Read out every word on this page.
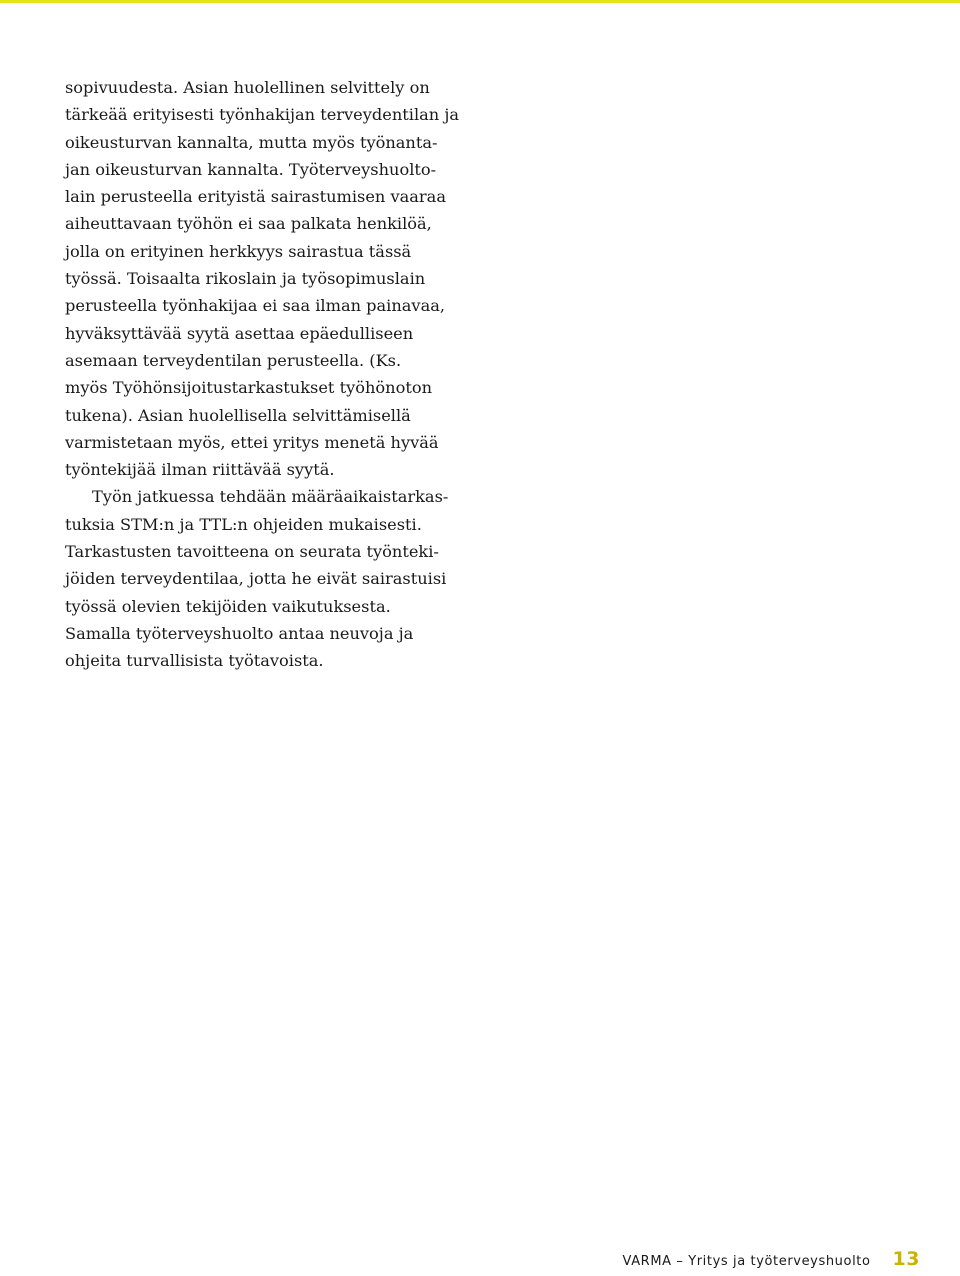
sopivuudesta. Asian huolellinen selvittely on
tärkeää erityisesti työnhakijan terveydentilan ja
oikeusturvan kannalta, mutta myös työnanta-
jan oikeusturvan kannalta. Työterveyshuolto-
lain perusteella erityistä sairastumisen vaaraa
aiheuttavaan työhön ei saa palkata henkilöä,
jolla on erityinen herkkyys sairastua tässä
työssä. Toisaalta rikoslain ja työsopimuslain
perusteella työnhakijaa ei saa ilman painavaa,
hyväksyttävää syytä asettaa epäedulliseen
asemaan terveydentilan perusteella. (Ks.
myös Työhönsijoitustarkastukset työhönoton
tukena). Asian huolellisella selvittämisellä
varmistetaan myös, ettei yritys menetä hyvää
työntekijää ilman riittävää syytä.
Työn jatkuessa tehdään määräaikaistarkas-
tuksia STM:n ja TTL:n ohjeiden mukaisesti.
Tarkastusten tavoitteena on seurata työnteki-
jöiden terveydentilaa, jotta he eivät sairastuisi
työssä olevien tekijöiden vaikutuksesta.
Samalla työterveyshuolto antaa neuvoja ja
ohjeita turvallisista työtavoista.
VARMA – Yritys ja työterveyshuolto 13
